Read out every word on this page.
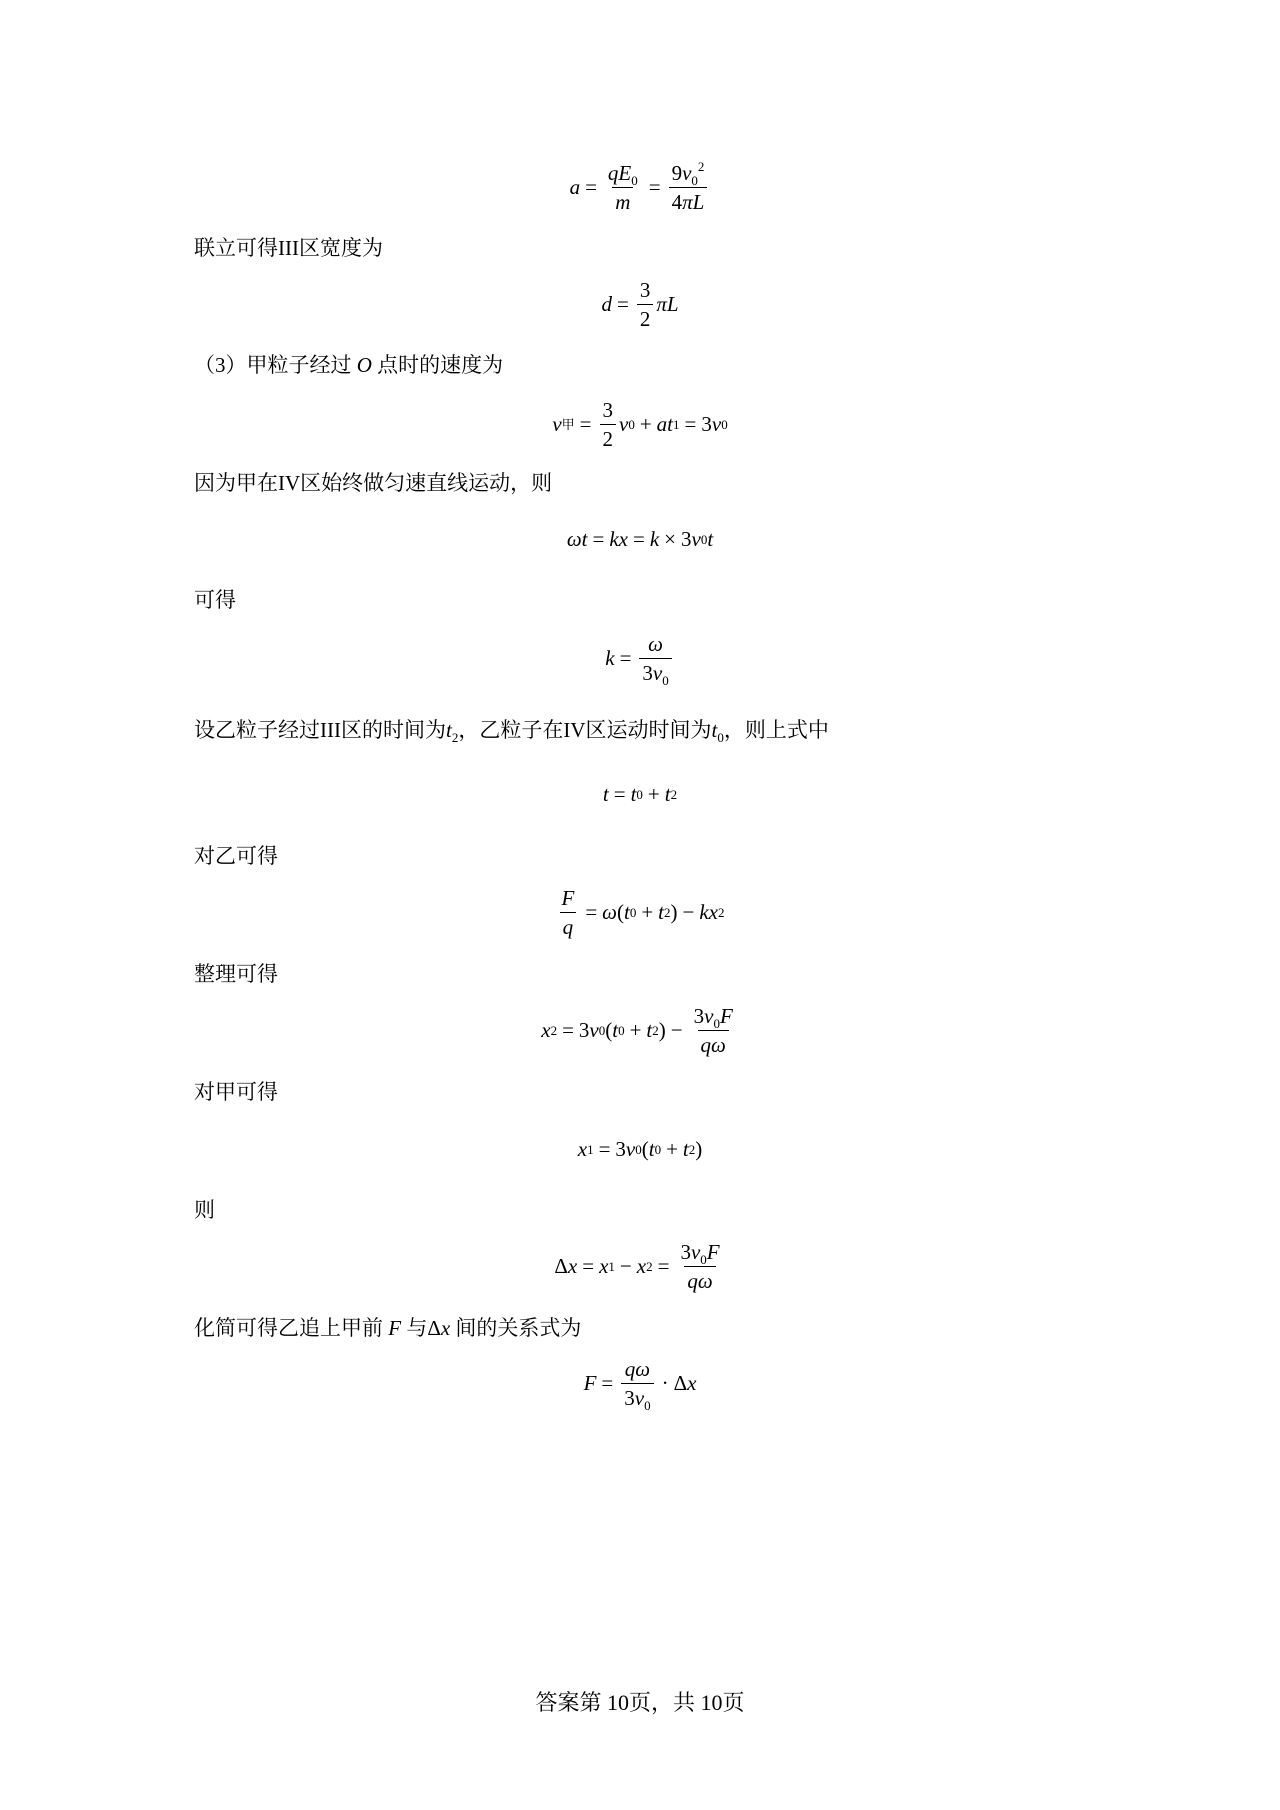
$a = \frac{qE_0}{m} = \frac{9v_0^2}{4\pi L}$
联立可得III区宽度为
$d = \frac{3}{2}$ πL
（3）甲粒子经过 O 点时的速度为
v 甲 = $\frac{3}{2}$ v 0 + at 1 = 3 v 0
因为甲在IV区始终做匀速直线运动，则
ωt = kx = k × 3 v 0 t
可得
$k = \frac{\omega}{3v_0}$
设乙粒子经过III区的时间为$t_2$，乙粒子在IV区运动时间为$t_0$，则上式中
t = t 0 + t 2
对乙可得
$\frac{F}{q} = \omega$ ( t 0 + t 2 ) − kx 2
整理可得
x 2 = 3 v 0 ( t 0 + t 2 ) − $\frac{3v_0F}{q\omega}$
对甲可得
x 1 = 3 v 0 ( t 0 + t 2 )
则
Δ x = x 1 − x $2 = \frac{3v_0F}{q\omega}$
化简可得乙追上甲前 F 与Δx 间的关系式为
$F = \frac{q\omega}{3v_0} \cdot \Delta$ x
答案第 10页，共 10页
